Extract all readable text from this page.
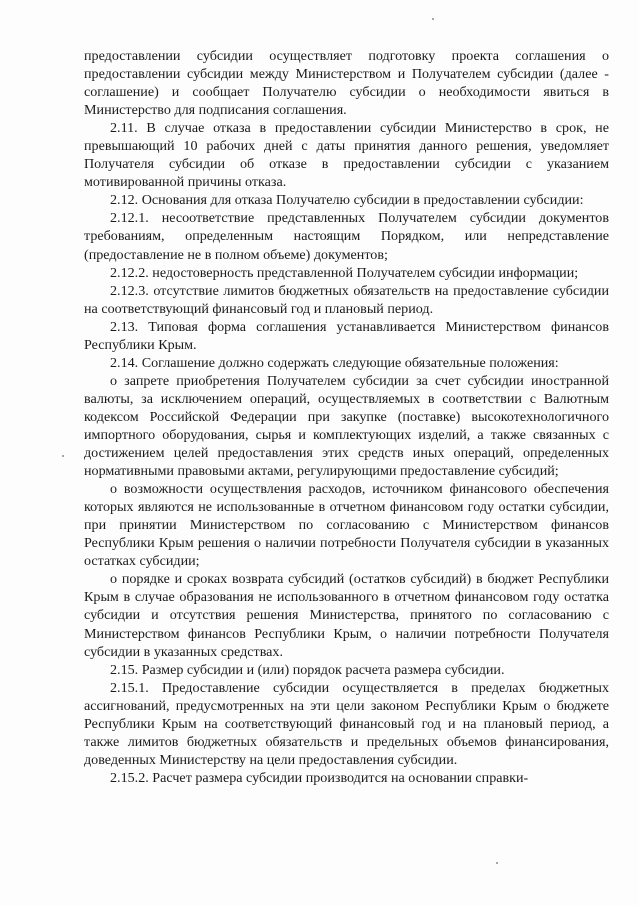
предоставлении субсидии осуществляет подготовку проекта соглашения о предоставлении субсидии между Министерством и Получателем субсидии (далее - соглашение) и сообщает Получателю субсидии о необходимости явиться в Министерство для подписания соглашения.

2.11. В случае отказа в предоставлении субсидии Министерство в срок, не превышающий 10 рабочих дней с даты принятия данного решения, уведомляет Получателя субсидии об отказе в предоставлении субсидии с указанием мотивированной причины отказа.

2.12. Основания для отказа Получателю субсидии в предоставлении субсидии:

2.12.1. несоответствие представленных Получателем субсидии документов требованиям, определенным настоящим Порядком, или непредставление (предоставление не в полном объеме) документов;

2.12.2. недостоверность представленной Получателем субсидии информации;

2.12.3. отсутствие лимитов бюджетных обязательств на предоставление субсидии на соответствующий финансовый год и плановый период.

2.13. Типовая форма соглашения устанавливается Министерством финансов Республики Крым.

2.14. Соглашение должно содержать следующие обязательные положения:

о запрете приобретения Получателем субсидии за счет субсидии иностранной валюты, за исключением операций, осуществляемых в соответствии с Валютным кодексом Российской Федерации при закупке (поставке) высокотехнологичного импортного оборудования, сырья и комплектующих изделий, а также связанных с достижением целей предоставления этих средств иных операций, определенных нормативными правовыми актами, регулирующими предоставление субсидий;

о возможности осуществления расходов, источником финансового обеспечения которых являются не использованные в отчетном финансовом году остатки субсидии, при принятии Министерством по согласованию с Министерством финансов Республики Крым решения о наличии потребности Получателя субсидии в указанных остатках субсидии;

о порядке и сроках возврата субсидий (остатков субсидий) в бюджет Республики Крым в случае образования не использованного в отчетном финансовом году остатка субсидии и отсутствия решения Министерства, принятого по согласованию с Министерством финансов Республики Крым, о наличии потребности Получателя субсидии в указанных средствах.

2.15. Размер субсидии и (или) порядок расчета размера субсидии.

2.15.1. Предоставление субсидии осуществляется в пределах бюджетных ассигнований, предусмотренных на эти цели законом Республики Крым о бюджете Республики Крым на соответствующий финансовый год и на плановый период, а также лимитов бюджетных обязательств и предельных объемов финансирования, доведенных Министерству на цели предоставления субсидии.

2.15.2. Расчет размера субсидии производится на основании справки-
